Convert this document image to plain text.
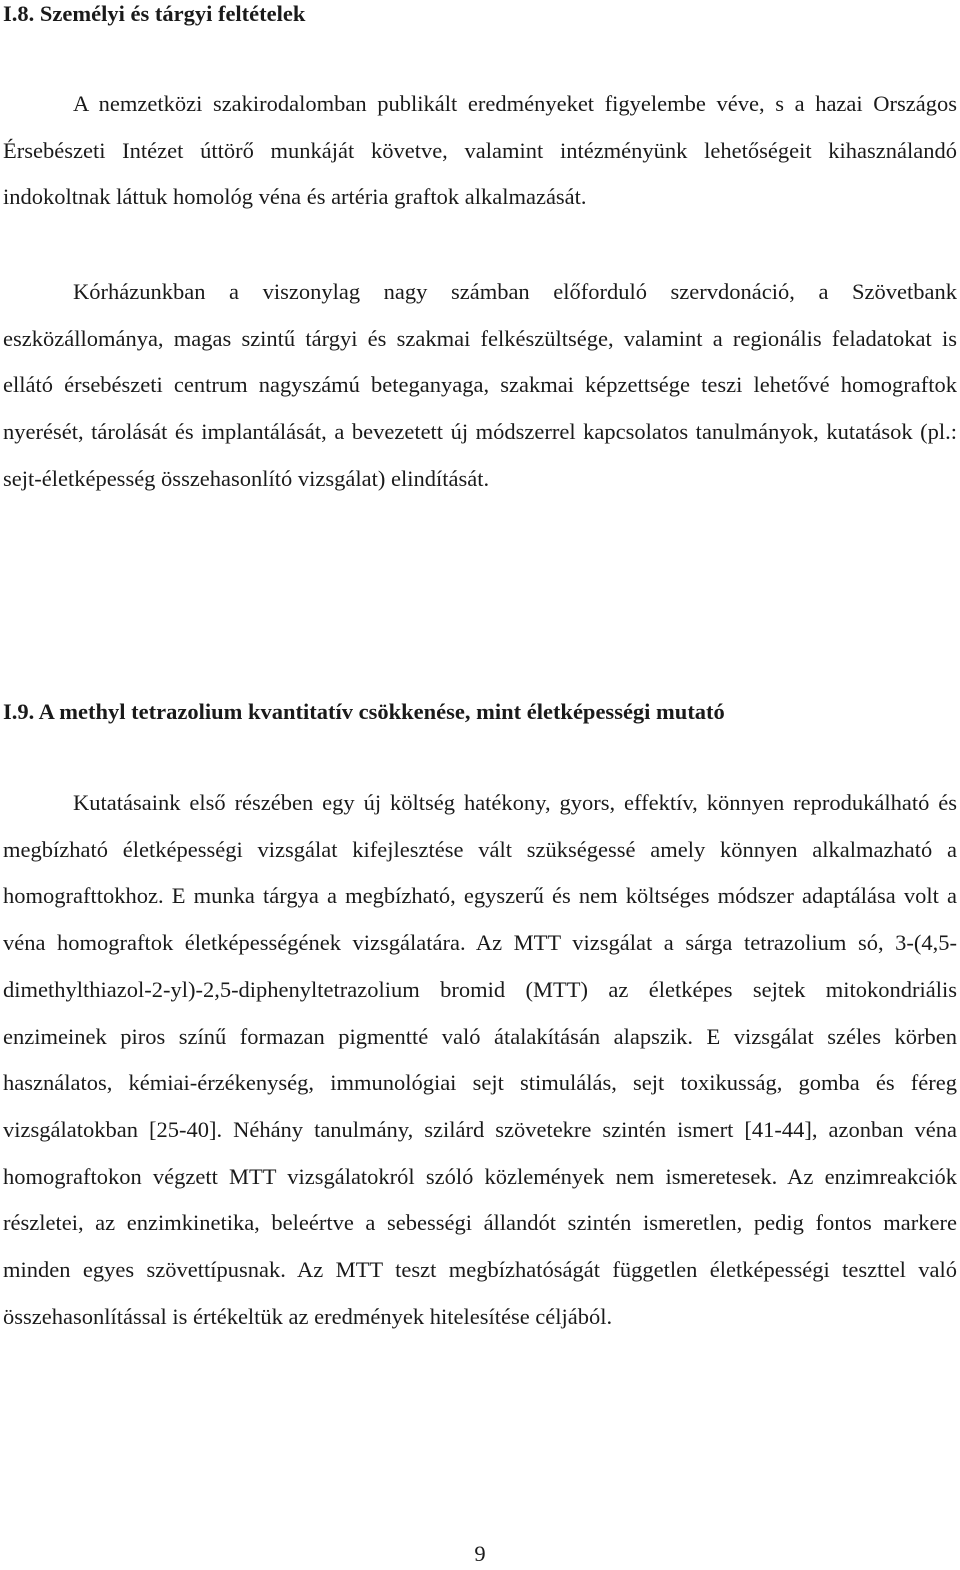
I.8. Személyi és tárgyi feltételek

A nemzetközi szakirodalomban publikált eredményeket figyelembe véve, s a hazai Országos Érsebészeti Intézet úttörő munkáját követve, valamint intézményünk lehetőségeit kihasználandó indokoltnak láttuk homológ véna és artéria graftok alkalmazását.

Kórházunkban a viszonylag nagy számban előforduló szervdonáció, a Szövetbank eszközállománya, magas szintű tárgyi és szakmai felkészültsége, valamint a regionális feladatokat is ellátó érsebészeti centrum nagyszámú beteganyaga, szakmai képzettsége teszi lehetővé homograftok nyerését, tárolását és implantálását, a bevezetett új módszerrel kapcsolatos tanulmányok, kutatások (pl.: sejt-életképesség összehasonlító vizsgálat) elindítását.

I.9. A methyl tetrazolium kvantitatív csökkenése, mint életképességi mutató

Kutatásaink első részében egy új költség hatékony, gyors, effektív, könnyen reprodukálható és megbízható életképességi vizsgálat kifejlesztése vált szükségessé amely könnyen alkalmazható a homografttokhoz. E munka tárgya a megbízható, egyszerű és nem költséges módszer adaptálása volt a véna homograftok életképességének vizsgálatára. Az MTT vizsgálat a sárga tetrazolium só, 3-(4,5-dimethylthiazol-2-yl)-2,5-diphenyltetrazolium bromid (MTT) az életképes sejtek mitokondriális enzimeinek piros színű formazan pigmentté való átalakításán alapszik. E vizsgálat széles körben használatos, kémiai-érzékenység, immunológiai sejt stimulálás, sejt toxikusság, gomba és féreg vizsgálatokban [25-40]. Néhány tanulmány, szilárd szövetekre szintén ismert [41-44], azonban véna homograftokon végzett MTT vizsgálatokról szóló közlemények nem ismeretesek. Az enzimreakciók részletei, az enzimkinetika, beleértve a sebességi állandót szintén ismeretlen, pedig fontos markere minden egyes szövettípusnak. Az MTT teszt megbízhatóságát független életképességi teszttel való összehasonlítással is értékeltük az eredmények hitelesítése céljából.

9
